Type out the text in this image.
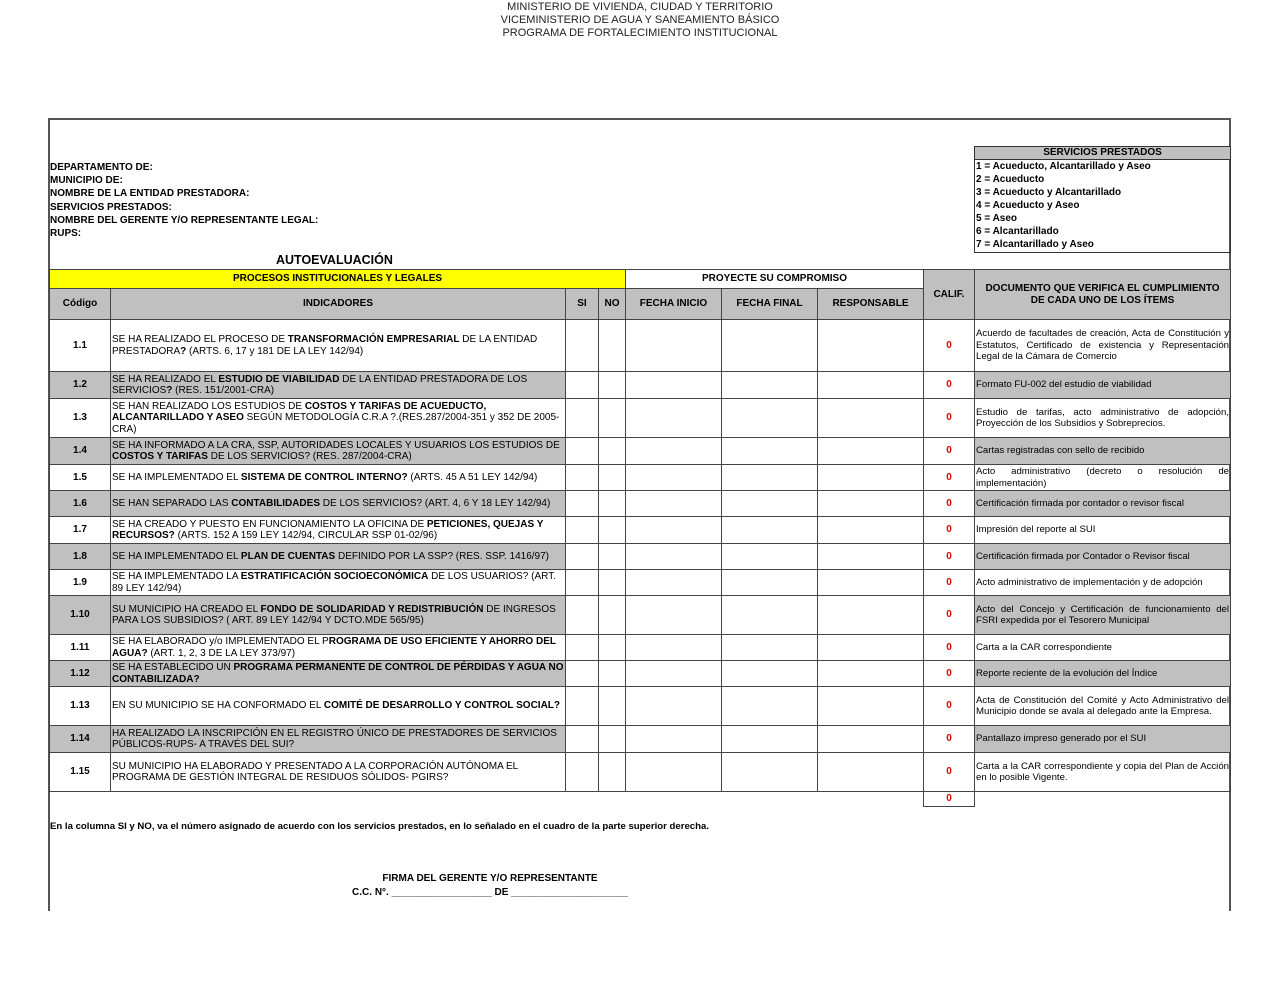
MINISTERIO DE VIVIENDA, CIUDAD Y TERRITORIO
VICEMINISTERIO DE AGUA Y SANEAMIENTO BÁSICO
PROGRAMA DE FORTALECIMIENTO INSTITUCIONAL
DEPARTAMENTO DE:
MUNICIPIO DE:
NOMBRE DE LA ENTIDAD PRESTADORA:
SERVICIOS PRESTADOS:
NOMBRE DEL GERENTE Y/O REPRESENTANTE LEGAL:
RUPS:
SERVICIOS PRESTADOS
1 = Acueducto, Alcantarillado y Aseo
2 = Acueducto
3 = Acueducto y Alcantarillado
4 = Acueducto y Aseo
5 = Aseo
6 = Alcantarillado
7 = Alcantarillado y Aseo
AUTOEVALUACIÓN
PROCESOS INSTITUCIONALES Y LEGALES				PROYECTE SU COMPROMISO			CALIF.	DOCUMENTO QUE VERIFICA EL CUMPLIMIENTO DE CADA UNO DE LOS ÍTEMS
Código	INDICADORES	SI	NO	FECHA INICIO	FECHA FINAL	RESPONSABLE		
1.1	SE HA REALIZADO EL PROCESO DE TRANSFORMACIÓN EMPRESARIAL DE LA ENTIDAD PRESTADORA? (ARTS. 6, 17 y 181 DE LA LEY 142/94)						0	Acuerdo de facultades de creación, Acta de Constitución y Estatutos, Certificado de existencia y Representación Legal de la Cámara de Comercio
1.2	SE HA REALIZADO EL ESTUDIO DE VIABILIDAD DE LA ENTIDAD PRESTADORA DE LOS SERVICIOS? (RES. 151/2001-CRA)						0	Formato FU-002 del estudio de viabilidad
1.3	SE HAN REALIZADO LOS ESTUDIOS DE COSTOS Y TARIFAS DE ACUEDUCTO, ALCANTARILLADO Y ASEO SEGÚN METODOLOGÍA C.R.A ?.(RES.287/2004-351 y 352 DE 2005- CRA)						0	Estudio de tarifas, acto administrativo de adopción, Proyección de los Subsidios y Sobreprecios.
1.4	SE HA INFORMADO A LA CRA, SSP, AUTORIDADES LOCALES Y USUARIOS LOS ESTUDIOS DE COSTOS Y TARIFAS DE LOS SERVICIOS? (RES. 287/2004-CRA)						0	Cartas registradas con sello de recibido
1.5	SE HA IMPLEMENTADO EL SISTEMA DE CONTROL INTERNO? (ARTS. 45 A 51 LEY 142/94)						0	Acto administrativo (decreto o resolución de implementación)
1.6	SE HAN SEPARADO LAS CONTABILIDADES DE LOS SERVICIOS? (ART. 4, 6 Y 18 LEY 142/94)						0	Certificación firmada por contador o revisor fiscal
1.7	SE HA CREADO Y PUESTO EN FUNCIONAMIENTO LA OFICINA DE PETICIONES, QUEJAS Y RECURSOS? (ARTS. 152 A 159 LEY 142/94, CIRCULAR SSP 01-02/96)						0	Impresión del reporte al SUI
1.8	SE HA IMPLEMENTADO EL PLAN DE CUENTAS DEFINIDO POR LA SSP? (RES. SSP. 1416/97)						0	Certificación firmada por Contador o Revisor fiscal
1.9	SE HA IMPLEMENTADO LA ESTRATIFICACIÓN SOCIOECONÓMICA DE LOS USUARIOS? (ART. 89 LEY 142/94)						0	Acto administrativo de implementación y de adopción
1.10	SU MUNICIPIO HA CREADO EL FONDO DE SOLIDARIDAD Y REDISTRIBUCIÓN DE INGRESOS PARA LOS SUBSIDIOS? ( ART. 89 LEY 142/94 Y DCTO.MDE 565/95)						0	Acto del Concejo y Certificación de funcionamiento del FSRI expedida por el Tesorero Municipal
1.11	SE HA ELABORADO y/o IMPLEMENTADO EL PROGRAMA DE USO EFICIENTE Y AHORRO DEL AGUA? (ART. 1, 2, 3 DE LA LEY 373/97)						0	Carta a la CAR correspondiente
1.12	SE HA ESTABLECIDO UN PROGRAMA PERMANENTE DE CONTROL DE PÉRDIDAS Y AGUA NO CONTABILIZADA?						0	Reporte reciente de la evolución del Índice
1.13	EN SU MUNICIPIO SE HA CONFORMADO EL COMITÉ DE DESARROLLO Y CONTROL SOCIAL?						0	Acta de Constitución del Comité y Acto Administrativo del Municipio donde se avala al delegado ante la Empresa.
1.14	HA REALIZADO LA INSCRIPCIÓN EN EL REGISTRO ÚNICO DE PRESTADORES DE SERVICIOS PÚBLICOS-RUPS- A TRAVÉS DEL SUI?						0	Pantallazo impreso generado por el SUI
1.15	SU MUNICIPIO HA ELABORADO Y PRESENTADO A LA CORPORACIÓN AUTÓNOMA EL PROGRAMA DE GESTIÓN INTEGRAL DE RESIDUOS SÓLIDOS- PGIRS?						0	Carta a la CAR correspondiente y copia del Plan de Acción en lo posible Vigente.
							0	
En la columna SI y NO, va el número asignado de acuerdo con los servicios prestados, en lo señalado en el cuadro de la parte superior derecha.
FIRMA DEL GERENTE Y/O REPRESENTANTE
C.C. N°. __________________ DE _____________________
